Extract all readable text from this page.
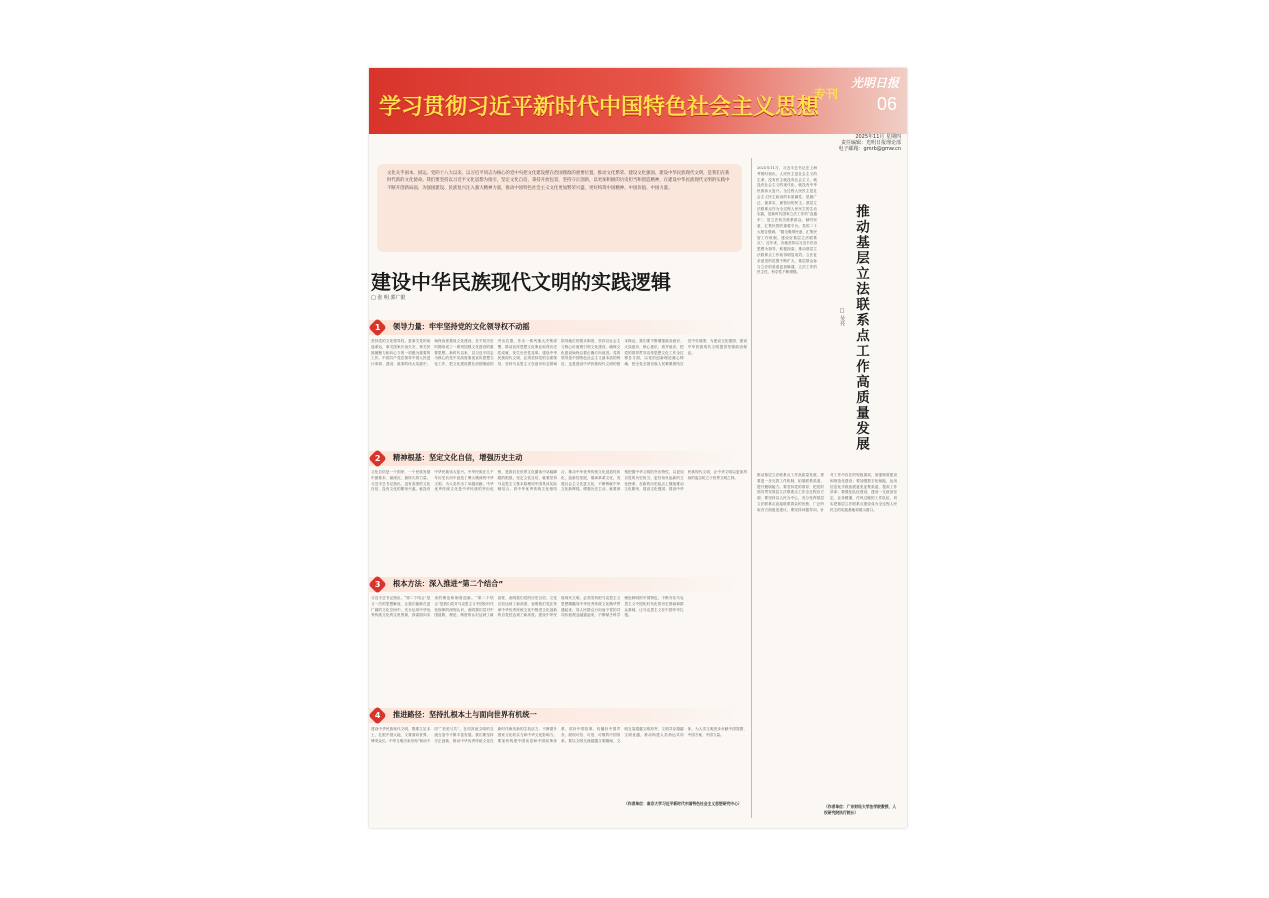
学习贯彻习近平新时代中国特色社会主义思想
专刊
光明日报
06
2025年11月 星期四
责任编辑：光明日报理论部
电子邮箱：gmrb@gmw.cn
文化关乎国本、国运。党的十八大以来，以习近平同志为核心的党中央把文化建设摆在治国理政的重要位置，推动文化繁荣、建设文化强国、建设中华民族现代文明，是我们在新时代新的文化使命。我们要坚持以习近平文化思想为指引，坚定文化自信，秉持开放包容，坚持守正创新，以更加积极的历史担当和创造精神，在建设中华民族现代文明的实践中不断开创新局面，为强国建设、民族复兴注入强大精神力量，推动中国特色社会主义文化更加繁荣兴盛，更好构筑中国精神、中国价值、中国力量。
建设中华民族现代文明的实践逻辑
□ 张 明 郭广银
1	领导力量：牢牢坚持党的文化领导权不动摇
坚持党的文化领导权，是事关党的前途命运、事关国家长治久安、事关民族凝聚力和向心力的一项极为重要的工作。中国共产党在领导中国人民进行革命、建设、改革的伟大实践中，始终高度重视文化建设，在不同历史时期形成了一系列加强文化建设的重要思想。新时代以来，以习近平同志为核心的党中央高度重视宣传思想文化工作，把文化建设摆在治国理政的突出位置，作出一系列重大决策部署，推动宣传思想文化事业取得历史性成就、发生历史性变革。建设中华民族现代文明，必须坚持党的全面领导，坚持马克思主义在意识形态领域指导地位的根本制度，坚持以社会主义核心价值观引领文化建设，确保文化建设始终沿着正确方向前进。党的领导是中国特色社会主义最本质的特征，也是建设中华民族现代文明的根本保证。我们要不断增强政治意识、大局意识、核心意识、看齐意识，把党的领导贯穿宣传思想文化工作全过程各方面，以党的创新理论凝心铸魂，把全党全国各族人民紧紧团结在党中央周围，为建设文化强国、建设中华民族现代文明提供坚强政治保证。
2	精神根基：坚定文化自信，增强历史主动
文化自信是一个国家、一个民族发展中最基本、最深沉、最持久的力量。习近平总书记指出，没有高度的文化自信，没有文化的繁荣兴盛，就没有中华民族伟大复兴。中华民族在几千年历史长河中创造了博大精深的中华文明，为人类作出了卓越贡献。中华优秀传统文化是中华民族的突出优势，是我们在世界文化激荡中站稳脚跟的根基。坚定文化自信，就要坚持马克思主义基本原理同中国具体实际相结合、同中华优秀传统文化相结合，推动中华优秀传统文化创造性转化、创新性发展，继承革命文化，发展社会主义先进文化，不断铸就中华文化新辉煌。增强历史主动，就要深刻把握中华文明的突出特性，以更加自觉的历史担当，更好担负起新的文化使命，在新的历史起点上继续推动文化繁荣、建设文化强国、建设中华民族现代文明，让中华文明以更加昂扬的姿态屹立于世界文明之林。
3	根本方法：深入推进“第二个结合”
习近平总书记指出，“第二个结合”是又一次的思想解放，让我们能够在更广阔的文化空间中，充分运用中华优秀传统文化的宝贵资源，探索面向未来的理论和制度创新。“第二个结合”是我们党对马克思主义中国化时代化规律的深刻认识，表明我们党对中国道路、理论、制度的认识达到了新高度，表明我们党的历史自信、文化自信达到了新高度，表明我们党在传承中华优秀传统文化中推进文化创新的自觉性达到了新高度。建设中华民族现代文明，必须坚持把马克思主义思想精髓同中华优秀传统文化精华贯通起来，同人民群众日用而不觉的共同价值观念融通起来，不断赋予科学理论鲜明的中国特色，不断夯实马克思主义中国化时代化的历史基础和群众基础，让马克思主义在中国牢牢扎根。
4	推进路径：坚持扎根本土与面向世界有机统一
建设中华民族现代文明，既要立足本土、扎根中国大地，又要面向世界、博采众长。中华文明历来崇尚“和而不同”“美美与共”，在同其他文明的交流互鉴中不断丰富发展。我们要坚持守正创新，推动中华优秀传统文化在新时代焕发新的生机活力，不断提升国家文化软实力和中华文化影响力。要加快构建中国话语和中国叙事体系，讲好中国故事、传播好中国声音，展现可信、可爱、可敬的中国形象。要以文明交流超越文明隔阂、文明互鉴超越文明冲突、文明共存超越文明优越，推动构建人类命运共同体，为人类文明进步贡献中国智慧、中国方案、中国力量。
（作者单位：南京大学习近平新时代中国特色社会主义思想研究中心）
2025年11月，习近平总书记在上海考察时指出，人民民主是社会主义的生命，没有民主就没有社会主义，就没有社会主义的现代化，就没有中华民族伟大复兴。全过程人民民主是社会主义民主政治的本质属性，是最广泛、最真实、最管用的民主。基层立法联系点作为全过程人民民主的生动实践，是新时代国家立法工作的“直通车”，是立法机关联系群众、倾听民意、汇集民智的重要平台。党的二十大报告强调，“健全吸纳民意、汇集民智工作机制，建设好基层立法联系点”。近年来，各地坚持以习近平法治思想为指导，积极探索，推动基层立法联系点工作取得明显成效。立法征求意见的范围不断扩大，基层群众参与立法的渠道更加畅通，立法工作的民主性、科学性不断增强。	推动基层立法联系点工作高质量发展
□ 吴亮
推动基层立法联系点工作高质量发展，需要进一步完善工作机制，拓展联系渠道，提升履职能力。要坚持党的领导，把党的领导贯穿基层立法联系点工作全过程各方面；要坚持以人民为中心，充分发挥基层立法联系点直接联系群众的优势，广泛听取各方面意见建议；要坚持问题导向，针对工作中存在的短板弱项，加强制度建设和规范化建设；要加强数字化赋能，运用信息化手段拓展意见征集渠道，提高工作效率；要强化队伍建设，建设一支政治坚定、业务精通、作风过硬的工作队伍，切实把基层立法联系点建设成为全过程人民民主的实践基地和展示窗口。
（作者单位：广东财经大学法学院教授、人权研究院执行院长）
